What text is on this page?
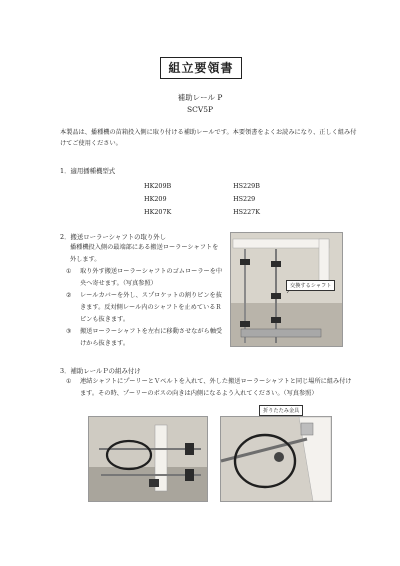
組立要領書
補助レール P
SCV5P
本製品は、播種機の苗箱投入側に取り付ける補助レールです。本要領書をよくお読みになり、正しく組み付けてご使用ください。
1．適用播種機型式
HK209B	HS229B
HK209	HS229
HK207K	HS227K
2．搬送ローラーシャフトの取り外し
播種機投入側の最端部にある搬送ローラーシャフトを外します。
①	取り外す搬送ローラーシャフトのゴムローラーを中央へ寄せます。（写真参照）
②	レールカバーを外し、スプロケットの割りピンを抜きます。反対側レール内のシャフトを止めているＲピンも抜きます。
③	搬送ローラーシャフトを左右に移動させながら軸受けから抜きます。
交換するシャフト
3．補助レールＰの組み付け
①	連結シャフトにプーリーとＶベルトを入れて、外した搬送ローラーシャフトと同じ場所に組み付けます。その時、プーリーのボスの向きは内側になるよう入れてください。（写真参照）
折りたたみ金具
